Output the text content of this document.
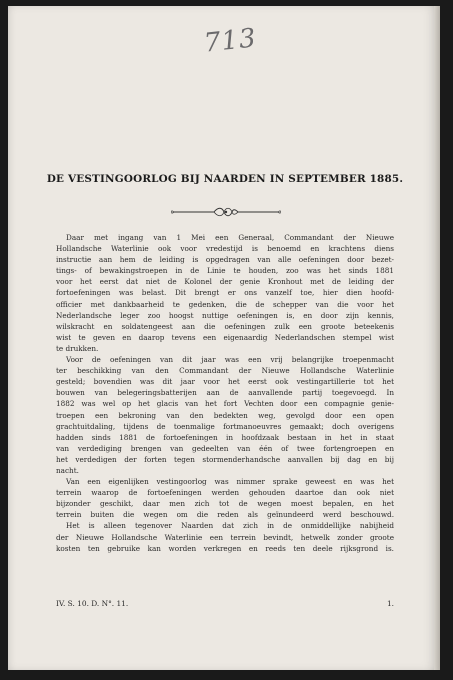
713
DE VESTINGOORLOG BIJ NAARDEN IN SEPTEMBER 1885.
Daar met ingang van 1 Mei een Generaal, Commandant der Nieuwe
Hollandsche Waterlinie ook voor vredestijd is benoemd en krachtens diens
instructie aan hem de leiding is opgedragen van alle oefeningen door bezet-
tings- of bewakingstroepen in de Linie te houden, zoo was het sinds 1881
voor het eerst dat niet de Kolonel der genie Kronhout met de leiding der
fortoefeningen was belast. Dit brengt er ons vanzelf toe, hier dien hoofd-
officier met dankbaarheid te gedenken, die de schepper van die voor het
Nederlandsche leger zoo hoogst nuttige oefeningen is, en door zijn kennis,
wilskracht en soldatengeest aan die oefeningen zulk een groote beteekenis
wist te geven en daarop tevens een eigenaardig Nederlandschen stempel wist
te drukken.
Voor de oefeningen van dit jaar was een vrij belangrijke troepenmacht
ter beschikking van den Commandant der Nieuwe Hollandsche Waterlinie
gesteld; bovendien was dit jaar voor het eerst ook vestingartillerie tot het
bouwen van belegeringsbatterijen aan de aanvallende partij toegevoegd. In
1882 was wel op het glacis van het fort Vechten door een compagnie genie-
troepen een bekroning van den bedekten weg, gevolgd door een open
grachtuitdaling, tijdens de toenmalige fortmanoeuvres gemaakt; doch overigens
hadden sinds 1881 de fortoefeningen in hoofdzaak bestaan in het in staat
van verdediging brengen van gedeelten van één of twee fortengroepen en
het verdedigen der forten tegen stormenderhandsche aanvallen bij dag en bij
nacht.
Van een eigenlijken vestingoorlog was nimmer sprake geweest en was het
terrein waarop de fortoefeningen werden gehouden daartoe dan ook niet
bijzonder geschikt, daar men zich tot de wegen moest bepalen, en het
terrein buiten die wegen om die reden als geïnundeerd werd beschouwd.
Het is alleen tegenover Naarden dat zich in de onmiddellijke nabijheid
der Nieuwe Hollandsche Waterlinie een terrein bevindt, hetwelk zonder groote
kosten ten gebruike kan worden verkregen en reeds ten deele rijksgrond is.
IV. S. 10. D. N°. 11.	1.
